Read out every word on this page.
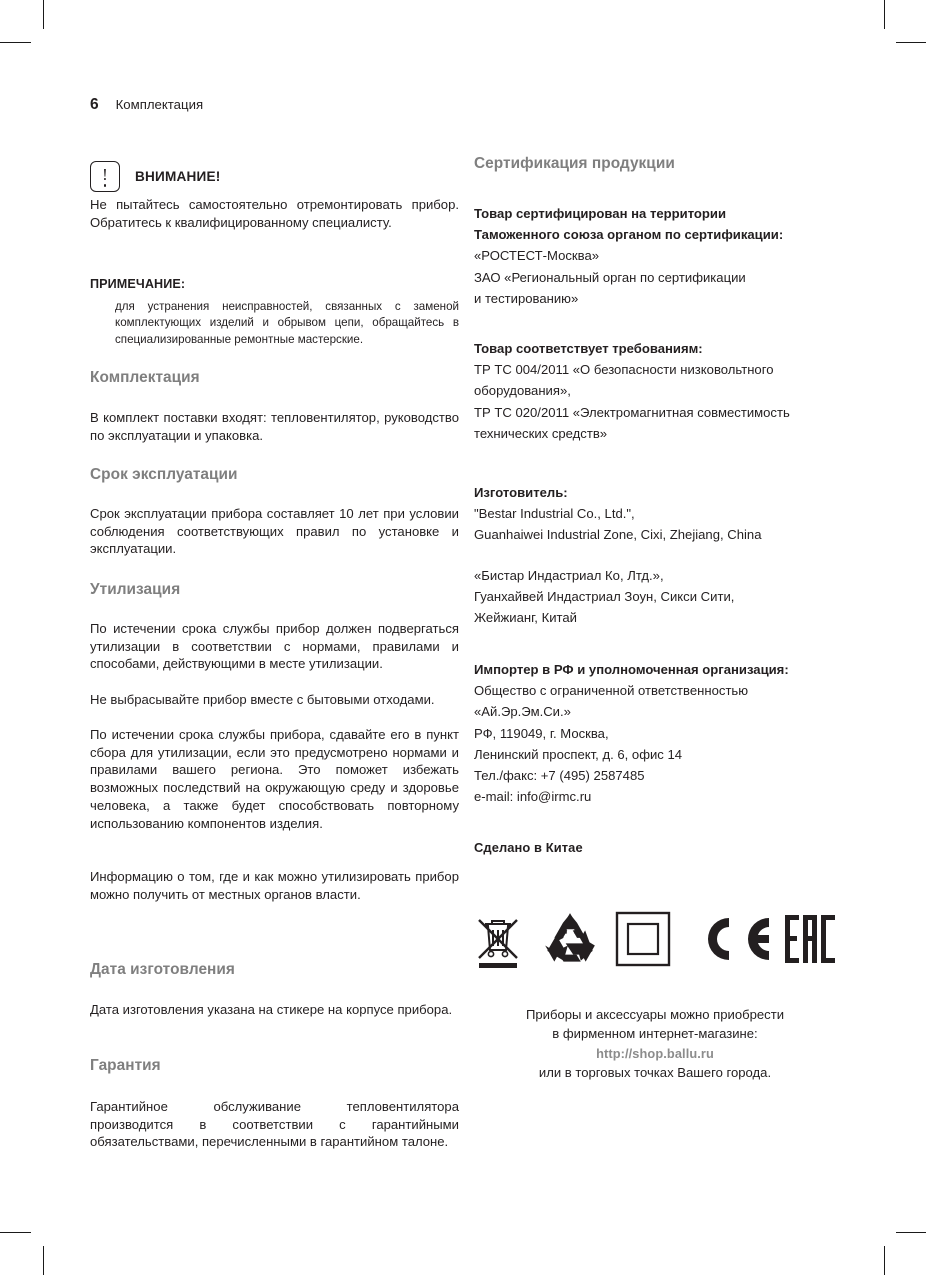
6 Комплектация
!	ВНИМАНИЕ!
Не пытайтесь самостоятельно отремонтировать прибор. Обратитесь к квалифицированному специалисту.
ПРИМЕЧАНИЕ:
для устранения неисправностей, связанных с заменой комплектующих изделий и обрывом цепи, обращайтесь в специализированные ремонтные мастерские.
Комплектация
В комплект поставки входят: тепловентилятор, руководство по эксплуатации и упаковка.
Срок эксплуатации
Срок эксплуатации прибора составляет 10 лет при условии соблюдения соответствующих правил по установке и эксплуатации.
Утилизация
По истечении срока службы прибор должен подвергаться утилизации в соответствии с нормами, правилами и способами, действующими в месте утилизации.
Не выбрасывайте прибор вместе с бытовыми отходами.
По истечении срока службы прибора, сдавайте его в пункт сбора для утилизации, если это предусмотрено нормами и правилами вашего региона. Это поможет избежать возможных последствий на окружающую среду и здоровье человека, а также будет способствовать повторному использованию компонентов изделия.
Информацию о том, где и как можно утилизировать прибор можно получить от местных органов власти.
Дата изготовления
Дата изготовления указана на стикере на корпусе прибора.
Гарантия
Гарантийное обслуживание тепловентилятора производится в соответствии с гарантийными обязательствами, перечисленными в гарантийном талоне.
Сертификация продукции
Товар сертифицирован на территории
Таможенного союза органом по сертификации:
«РОСТЕСТ-Москва»
ЗАО «Региональный орган по сертификации
и тестированию»
Товар соответствует требованиям:
ТР ТС 004/2011 «О безопасности низковольтного
оборудования»,
ТР ТС 020/2011 «Электромагнитная совместимость
технических средств»
Изготовитель:
"Bestar Industrial Co., Ltd.",
Guanhaiwei Industrial Zone, Cixi, Zhejiang, China
«Бистар Индастриал Ко, Лтд.»,
Гуанхайвей Индастриал Зоун, Сикси Сити,
Жейжианг, Китай
Импортер в РФ и уполномоченная организация:
Общество с ограниченной ответственностью
«Ай.Эр.Эм.Си.»
РФ, 119049, г. Москва,
Ленинский проспект, д. 6, офис 14
Тел./факс: +7 (495) 2587485
e-mail: info@irmc.ru
Сделано в Китае
Приборы и аксессуары можно приобрести
в фирменном интернет-магазине:
http://shop.ballu.ru
или в торговых точках Вашего города.
